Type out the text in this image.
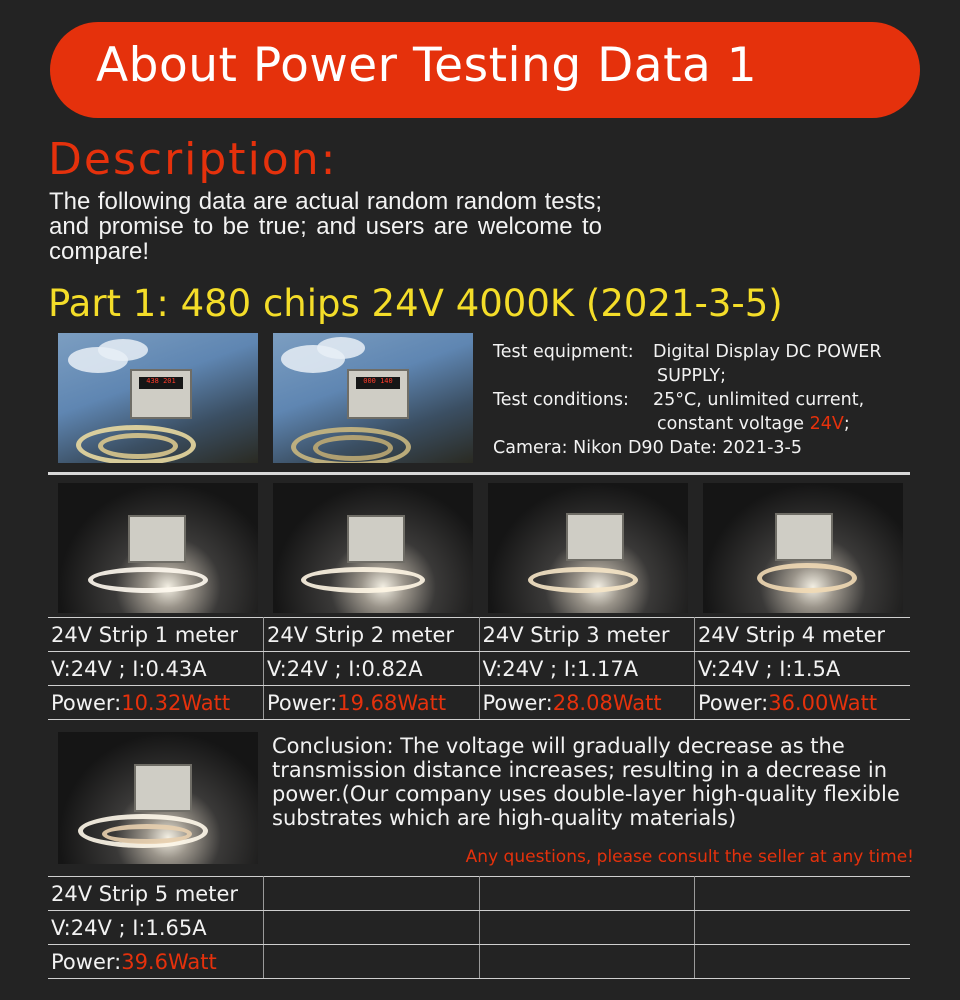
About Power Testing Data 1
Description:
The following data are actual random random tests; and promise to be true; and users are welcome to compare!
Part 1: 480 chips 24V 4000K (2021-3-5)
438 201	000 140
Test equipment:	Digital Display DC POWER
SUPPLY;
Test conditions:	25°C, unlimited current,
constant voltage 24V;
Camera: Nikon D90 Date: 2021-3-5
24V Strip 1 meter	24V Strip 2 meter	24V Strip 3 meter	24V Strip 4 meter
V:24V ; I:0.43A	V:24V ; I:0.82A	V:24V ; I:1.17A	V:24V ; I:1.5A
Power:10.32Watt	Power:19.68Watt	Power:28.08Watt	Power:36.00Watt
Conclusion: The voltage will gradually decrease as the transmission distance increases; resulting in a decrease in power.(Our company uses double-layer high-quality flexible substrates which are high-quality materials)
Any questions, please consult the seller at any time!
24V Strip 5 meter			
V:24V ; I:1.65A			
Power:39.6Watt			
